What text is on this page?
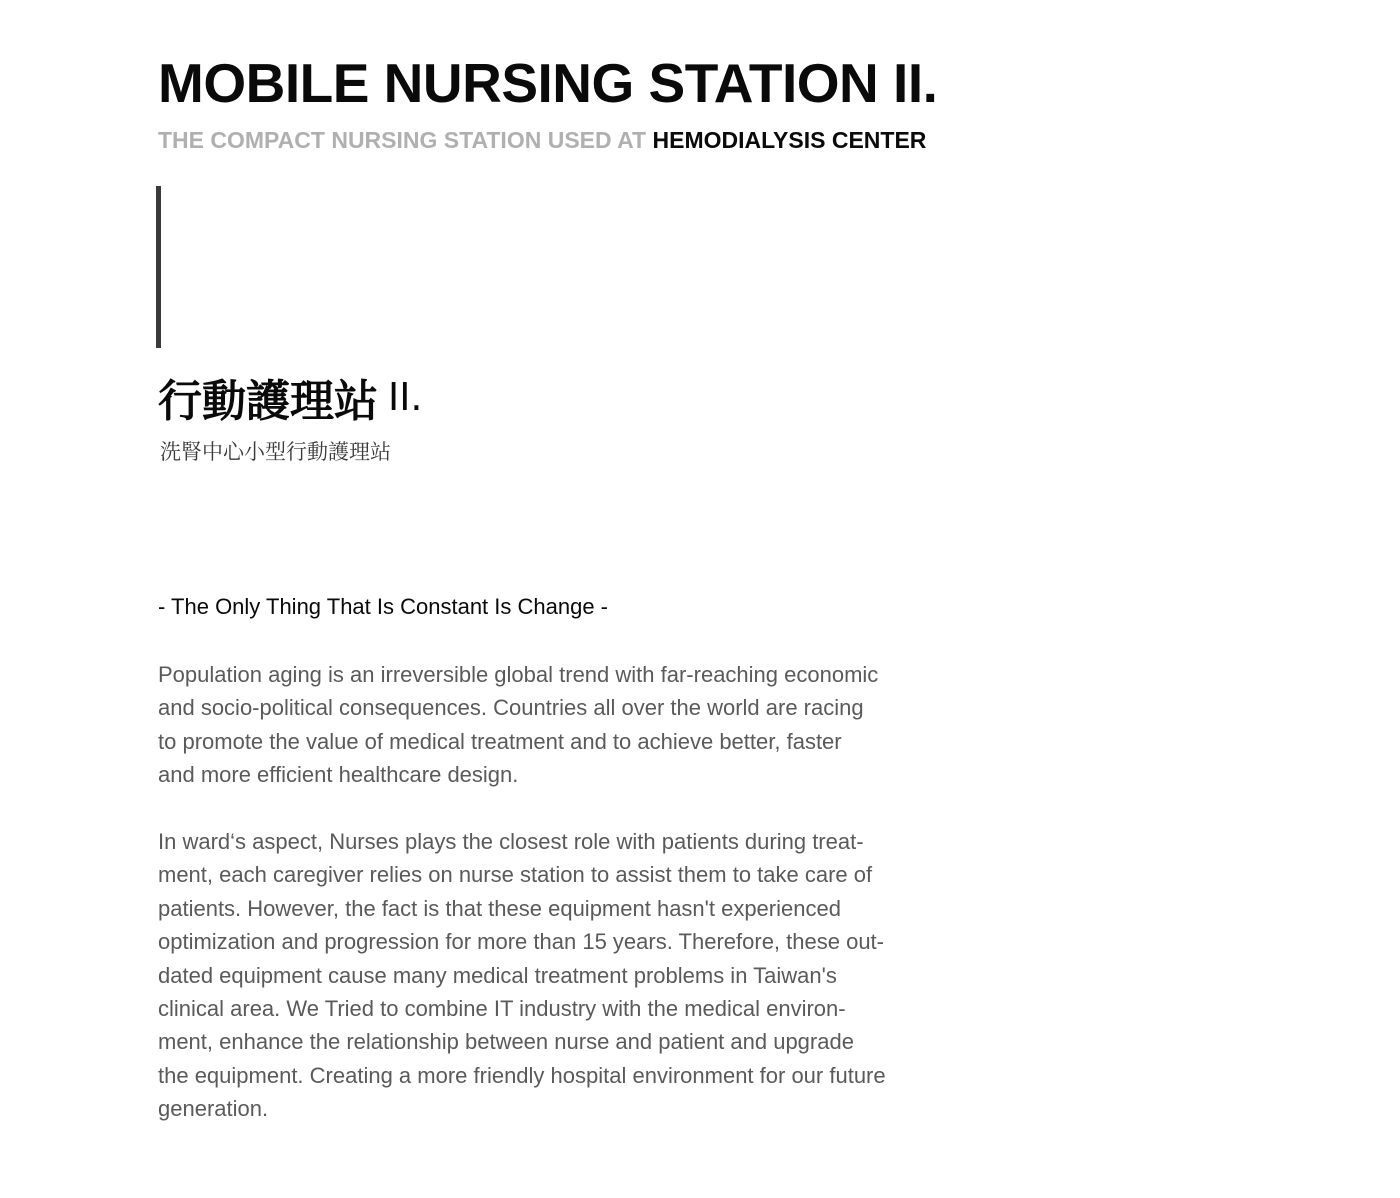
MOBILE NURSING STATION II.

THE COMPACT NURSING STATION USED AT HEMODIALYSIS CENTER

行動護理站 II.

洗腎中心小型行動護理站

- The Only Thing That Is Constant Is Change -

Population aging is an irreversible global trend with far-reaching economic
and socio-political consequences. Countries all over the world are racing
to promote the value of medical treatment and to achieve better, faster
and more efficient healthcare design.

In ward‘s aspect, Nurses plays the closest role with patients during treat-
ment, each caregiver relies on nurse station to assist them to take care of
patients. However, the fact is that these equipment hasn't experienced
optimization and progression for more than 15 years. Therefore, these out-
dated equipment cause many medical treatment problems in Taiwan's
clinical area. We Tried to combine IT industry with the medical environ-
ment, enhance the relationship between nurse and patient and upgrade
the equipment. Creating a more friendly hospital environment for our future
generation.
